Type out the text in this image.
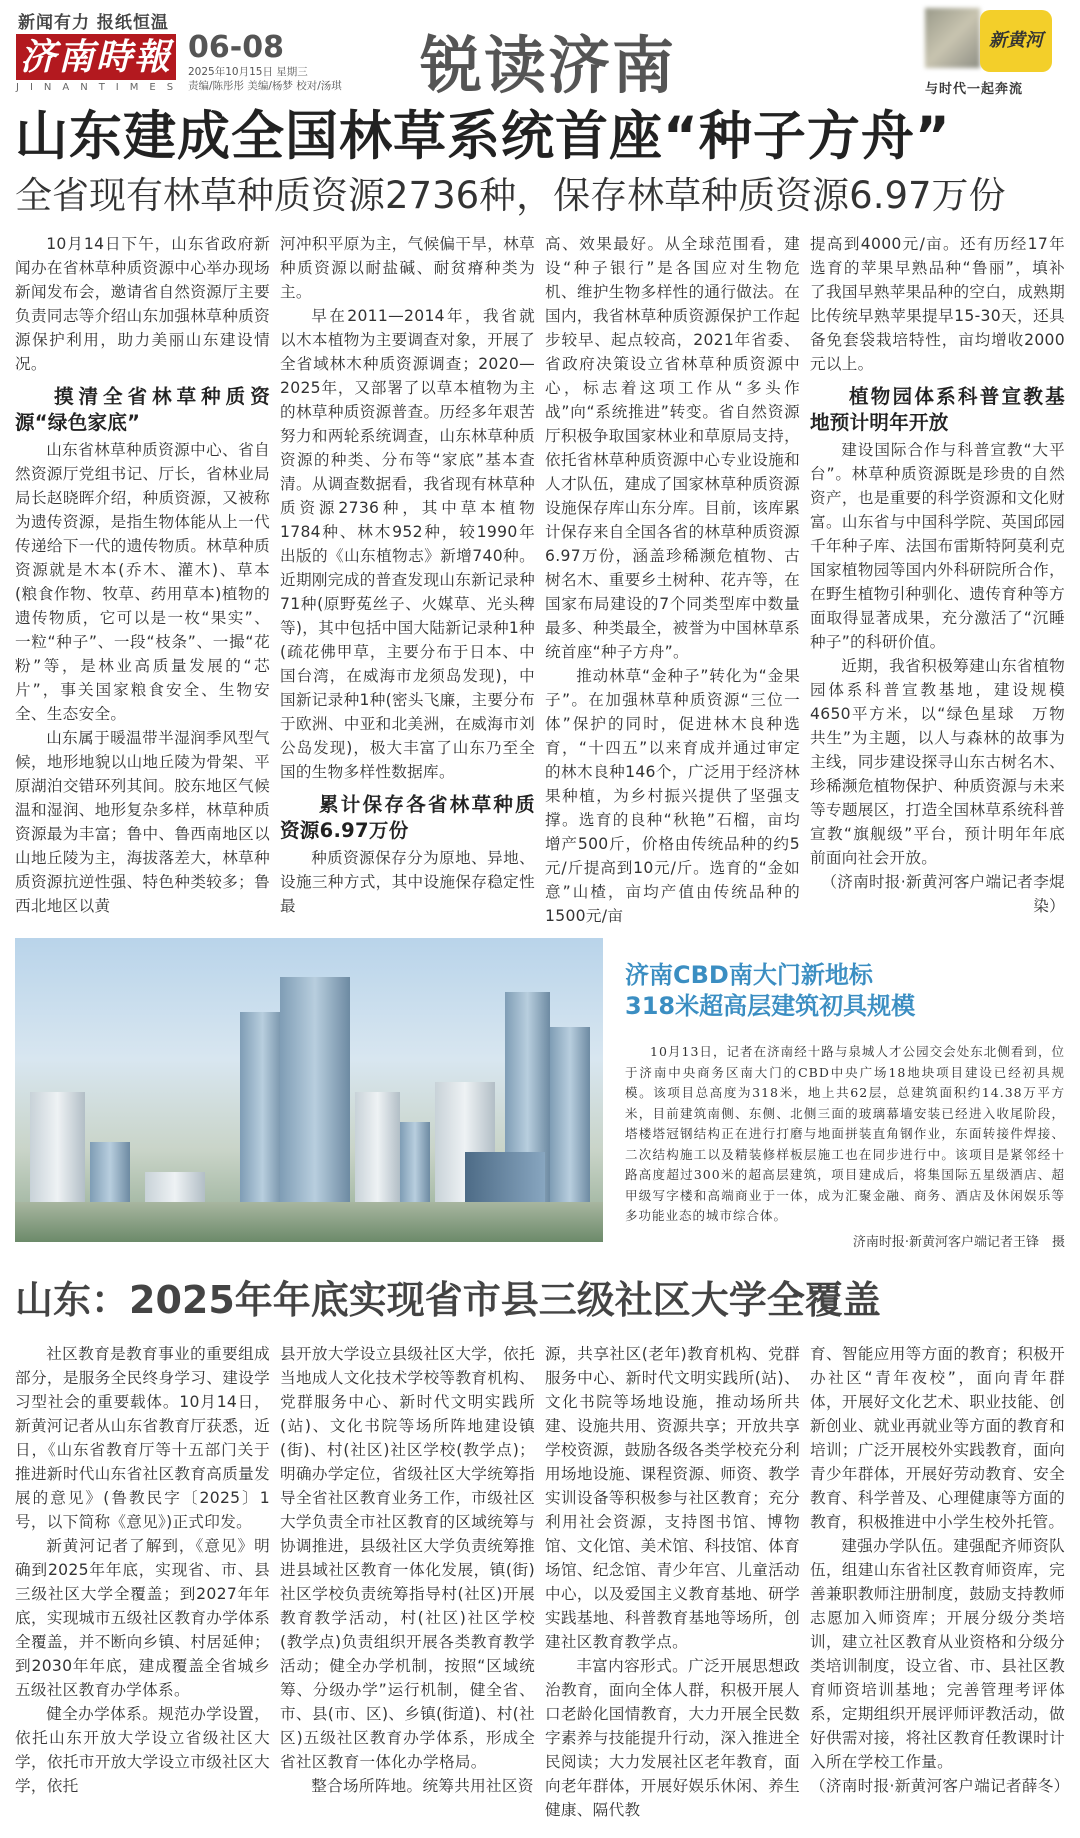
新闻有力 报纸恒温
济南時報
JINANTIMES
06-08
2025年10月15日 星期三
责编/陈彤彤 美编/杨梦 校对/汤琪 锐读济南	新黄河
与时代一起奔流
山东建成全国林草系统首座“种子方舟”
全省现有林草种质资源2736种，保存林草种质资源6.97万份

10月14日下午，山东省政府新闻办在省林草种质资源中心举办现场新闻发布会，邀请省自然资源厅主要负责同志等介绍山东加强林草种质资源保护利用，助力美丽山东建设情况。

摸清全省林草种质资源“绿色家底”

山东省林草种质资源中心、省自然资源厅党组书记、厅长，省林业局局长赵晓晖介绍，种质资源，又被称为遗传资源，是指生物体能从上一代传递给下一代的遗传物质。林草种质资源就是木本(乔木、灌木)、草本(粮食作物、牧草、药用草本)植物的遗传物质，它可以是一枚“果实”、一粒“种子”、一段“枝条”、一撮“花粉”等，是林业高质量发展的“芯片”，事关国家粮食安全、生物安全、生态安全。

山东属于暖温带半湿润季风型气候，地形地貌以山地丘陵为骨架、平原湖泊交错环列其间。胶东地区气候温和湿润、地形复杂多样，林草种质资源最为丰富；鲁中、鲁西南地区以山地丘陵为主，海拔落差大，林草种质资源抗逆性强、特色种类较多；鲁西北地区以黄

河冲积平原为主，气候偏干旱，林草种质资源以耐盐碱、耐贫瘠种类为主。

早在2011—2014年，我省就以木本植物为主要调查对象，开展了全省域林木种质资源调查；2020—2025年，又部署了以草本植物为主的林草种质资源普查。历经多年艰苦努力和两轮系统调查，山东林草种质资源的种类、分布等“家底”基本查清。从调查数据看，我省现有林草种质资源2736种，其中草本植物1784种、林木952种，较1990年出版的《山东植物志》新增740种。近期刚完成的普查发现山东新记录种71种(原野菟丝子、火媒草、光头稗等)，其中包括中国大陆新记录种1种(疏花佛甲草，主要分布于日本、中国台湾，在威海市龙须岛发现)，中国新记录种1种(密头飞廉，主要分布于欧洲、中亚和北美洲，在威海市刘公岛发现)，极大丰富了山东乃至全国的生物多样性数据库。

累计保存各省林草种质资源6.97万份

种质资源保存分为原地、异地、设施三种方式，其中设施保存稳定性最

高、效果最好。从全球范围看，建设“种子银行”是各国应对生物危机、维护生物多样性的通行做法。在国内，我省林草种质资源保护工作起步较早、起点较高，2021年省委、省政府决策设立省林草种质资源中心，标志着这项工作从“多头作战”向“系统推进”转变。省自然资源厅积极争取国家林业和草原局支持，依托省林草种质资源中心专业设施和人才队伍，建成了国家林草种质资源设施保存库山东分库。目前，该库累计保存来自全国各省的林草种质资源6.97万份，涵盖珍稀濒危植物、古树名木、重要乡土树种、花卉等，在国家布局建设的7个同类型库中数量最多、种类最全，被誉为中国林草系统首座“种子方舟”。

推动林草“金种子”转化为“金果子”。在加强林草种质资源“三位一体”保护的同时，促进林木良种选育，“十四五”以来育成并通过审定的林木良种146个，广泛用于经济林果种植，为乡村振兴提供了坚强支撑。选育的良种“秋艳”石榴，亩均增产500斤，价格由传统品种的约5元/斤提高到10元/斤。选育的“金如意”山楂，亩均产值由传统品种的1500元/亩

提高到4000元/亩。还有历经17年选育的苹果早熟品种“鲁丽”，填补了我国早熟苹果品种的空白，成熟期比传统早熟苹果提早15-30天，还具备免套袋栽培特性，亩均增收2000元以上。

植物园体系科普宣教基地预计明年开放

建设国际合作与科普宣教“大平台”。林草种质资源既是珍贵的自然资产，也是重要的科学资源和文化财富。山东省与中国科学院、英国邱园千年种子库、法国布雷斯特阿莫利克国家植物园等国内外科研院所合作，在野生植物引种驯化、遗传育种等方面取得显著成果，充分激活了“沉睡种子”的科研价值。

近期，我省积极筹建山东省植物园体系科普宣教基地，建设规模4650平方米，以“绿色星球　万物共生”为主题，以人与森林的故事为主线，同步建设探寻山东古树名木、珍稀濒危植物保护、种质资源与未来等专题展区，打造全国林草系统科普宣教“旗舰级”平台，预计明年年底前面向社会开放。

（济南时报·新黄河客户端记者李焜染）

济南CBD南大门新地标
318米超高层建筑初具规模

10月13日，记者在济南经十路与泉城人才公园交会处东北侧看到，位于济南中央商务区南大门的CBD中央广场18地块项目建设已经初具规模。该项目总高度为318米，地上共62层，总建筑面积约14.38万平方米，目前建筑南侧、东侧、北侧三面的玻璃幕墙安装已经进入收尾阶段，塔楼塔冠钢结构正在进行打磨与地面拼装直角钢作业，东面转接件焊接、二次结构施工以及精装修样板层施工也在同步进行中。该项目是紧邻经十路高度超过300米的超高层建筑，项目建成后，将集国际五星级酒店、超甲级写字楼和高端商业于一体，成为汇聚金融、商务、酒店及休闲娱乐等多功能业态的城市综合体。

济南时报·新黄河客户端记者王锋　摄
山东：2025年年底实现省市县三级社区大学全覆盖

社区教育是教育事业的重要组成部分，是服务全民终身学习、建设学习型社会的重要载体。10月14日，新黄河记者从山东省教育厅获悉，近日，《山东省教育厅等十五部门关于推进新时代山东省社区教育高质量发展的意见》(鲁教民字〔2025〕1号，以下简称《意见》)正式印发。

新黄河记者了解到，《意见》明确到2025年年底，实现省、市、县三级社区大学全覆盖；到2027年年底，实现城市五级社区教育办学体系全覆盖，并不断向乡镇、村居延伸；到2030年年底，建成覆盖全省城乡五级社区教育办学体系。

健全办学体系。规范办学设置，依托山东开放大学设立省级社区大学，依托市开放大学设立市级社区大学，依托

县开放大学设立县级社区大学，依托当地成人文化技术学校等教育机构、党群服务中心、新时代文明实践所(站)、文化书院等场所阵地建设镇(街)、村(社区)社区学校(教学点)；明确办学定位，省级社区大学统筹指导全省社区教育业务工作，市级社区大学负责全市社区教育的区域统筹与协调推进，县级社区大学负责统筹推进县域社区教育一体化发展，镇(街)社区学校负责统筹指导村(社区)开展教育教学活动，村(社区)社区学校(教学点)负责组织开展各类教育教学活动；健全办学机制，按照“区域统筹、分级办学”运行机制，健全省、市、县(市、区)、乡镇(街道)、村(社区)五级社区教育办学体系，形成全省社区教育一体化办学格局。

整合场所阵地。统筹共用社区资

源，共享社区(老年)教育机构、党群服务中心、新时代文明实践所(站)、文化书院等场地设施，推动场所共建、设施共用、资源共享；开放共享学校资源，鼓励各级各类学校充分利用场地设施、课程资源、师资、教学实训设备等积极参与社区教育；充分利用社会资源，支持图书馆、博物馆、文化馆、美术馆、科技馆、体育场馆、纪念馆、青少年宫、儿童活动中心，以及爱国主义教育基地、研学实践基地、科普教育基地等场所，创建社区教育教学点。

丰富内容形式。广泛开展思想政治教育，面向全体人群，积极开展人口老龄化国情教育，大力开展全民数字素养与技能提升行动，深入推进全民阅读；大力发展社区老年教育，面向老年群体，开展好娱乐休闲、养生健康、隔代教

育、智能应用等方面的教育；积极开办社区“青年夜校”，面向青年群体，开展好文化艺术、职业技能、创新创业、就业再就业等方面的教育和培训；广泛开展校外实践教育，面向青少年群体，开展好劳动教育、安全教育、科学普及、心理健康等方面的教育，积极推进中小学生校外托管。

建强办学队伍。建强配齐师资队伍，组建山东省社区教育师资库，完善兼职教师注册制度，鼓励支持教师志愿加入师资库；开展分级分类培训，建立社区教育从业资格和分级分类培训制度，设立省、市、县社区教育师资培训基地；完善管理考评体系，定期组织开展评师评教活动，做好供需对接，将社区教育任教课时计入所在学校工作量。

（济南时报·新黄河客户端记者薛冬）
